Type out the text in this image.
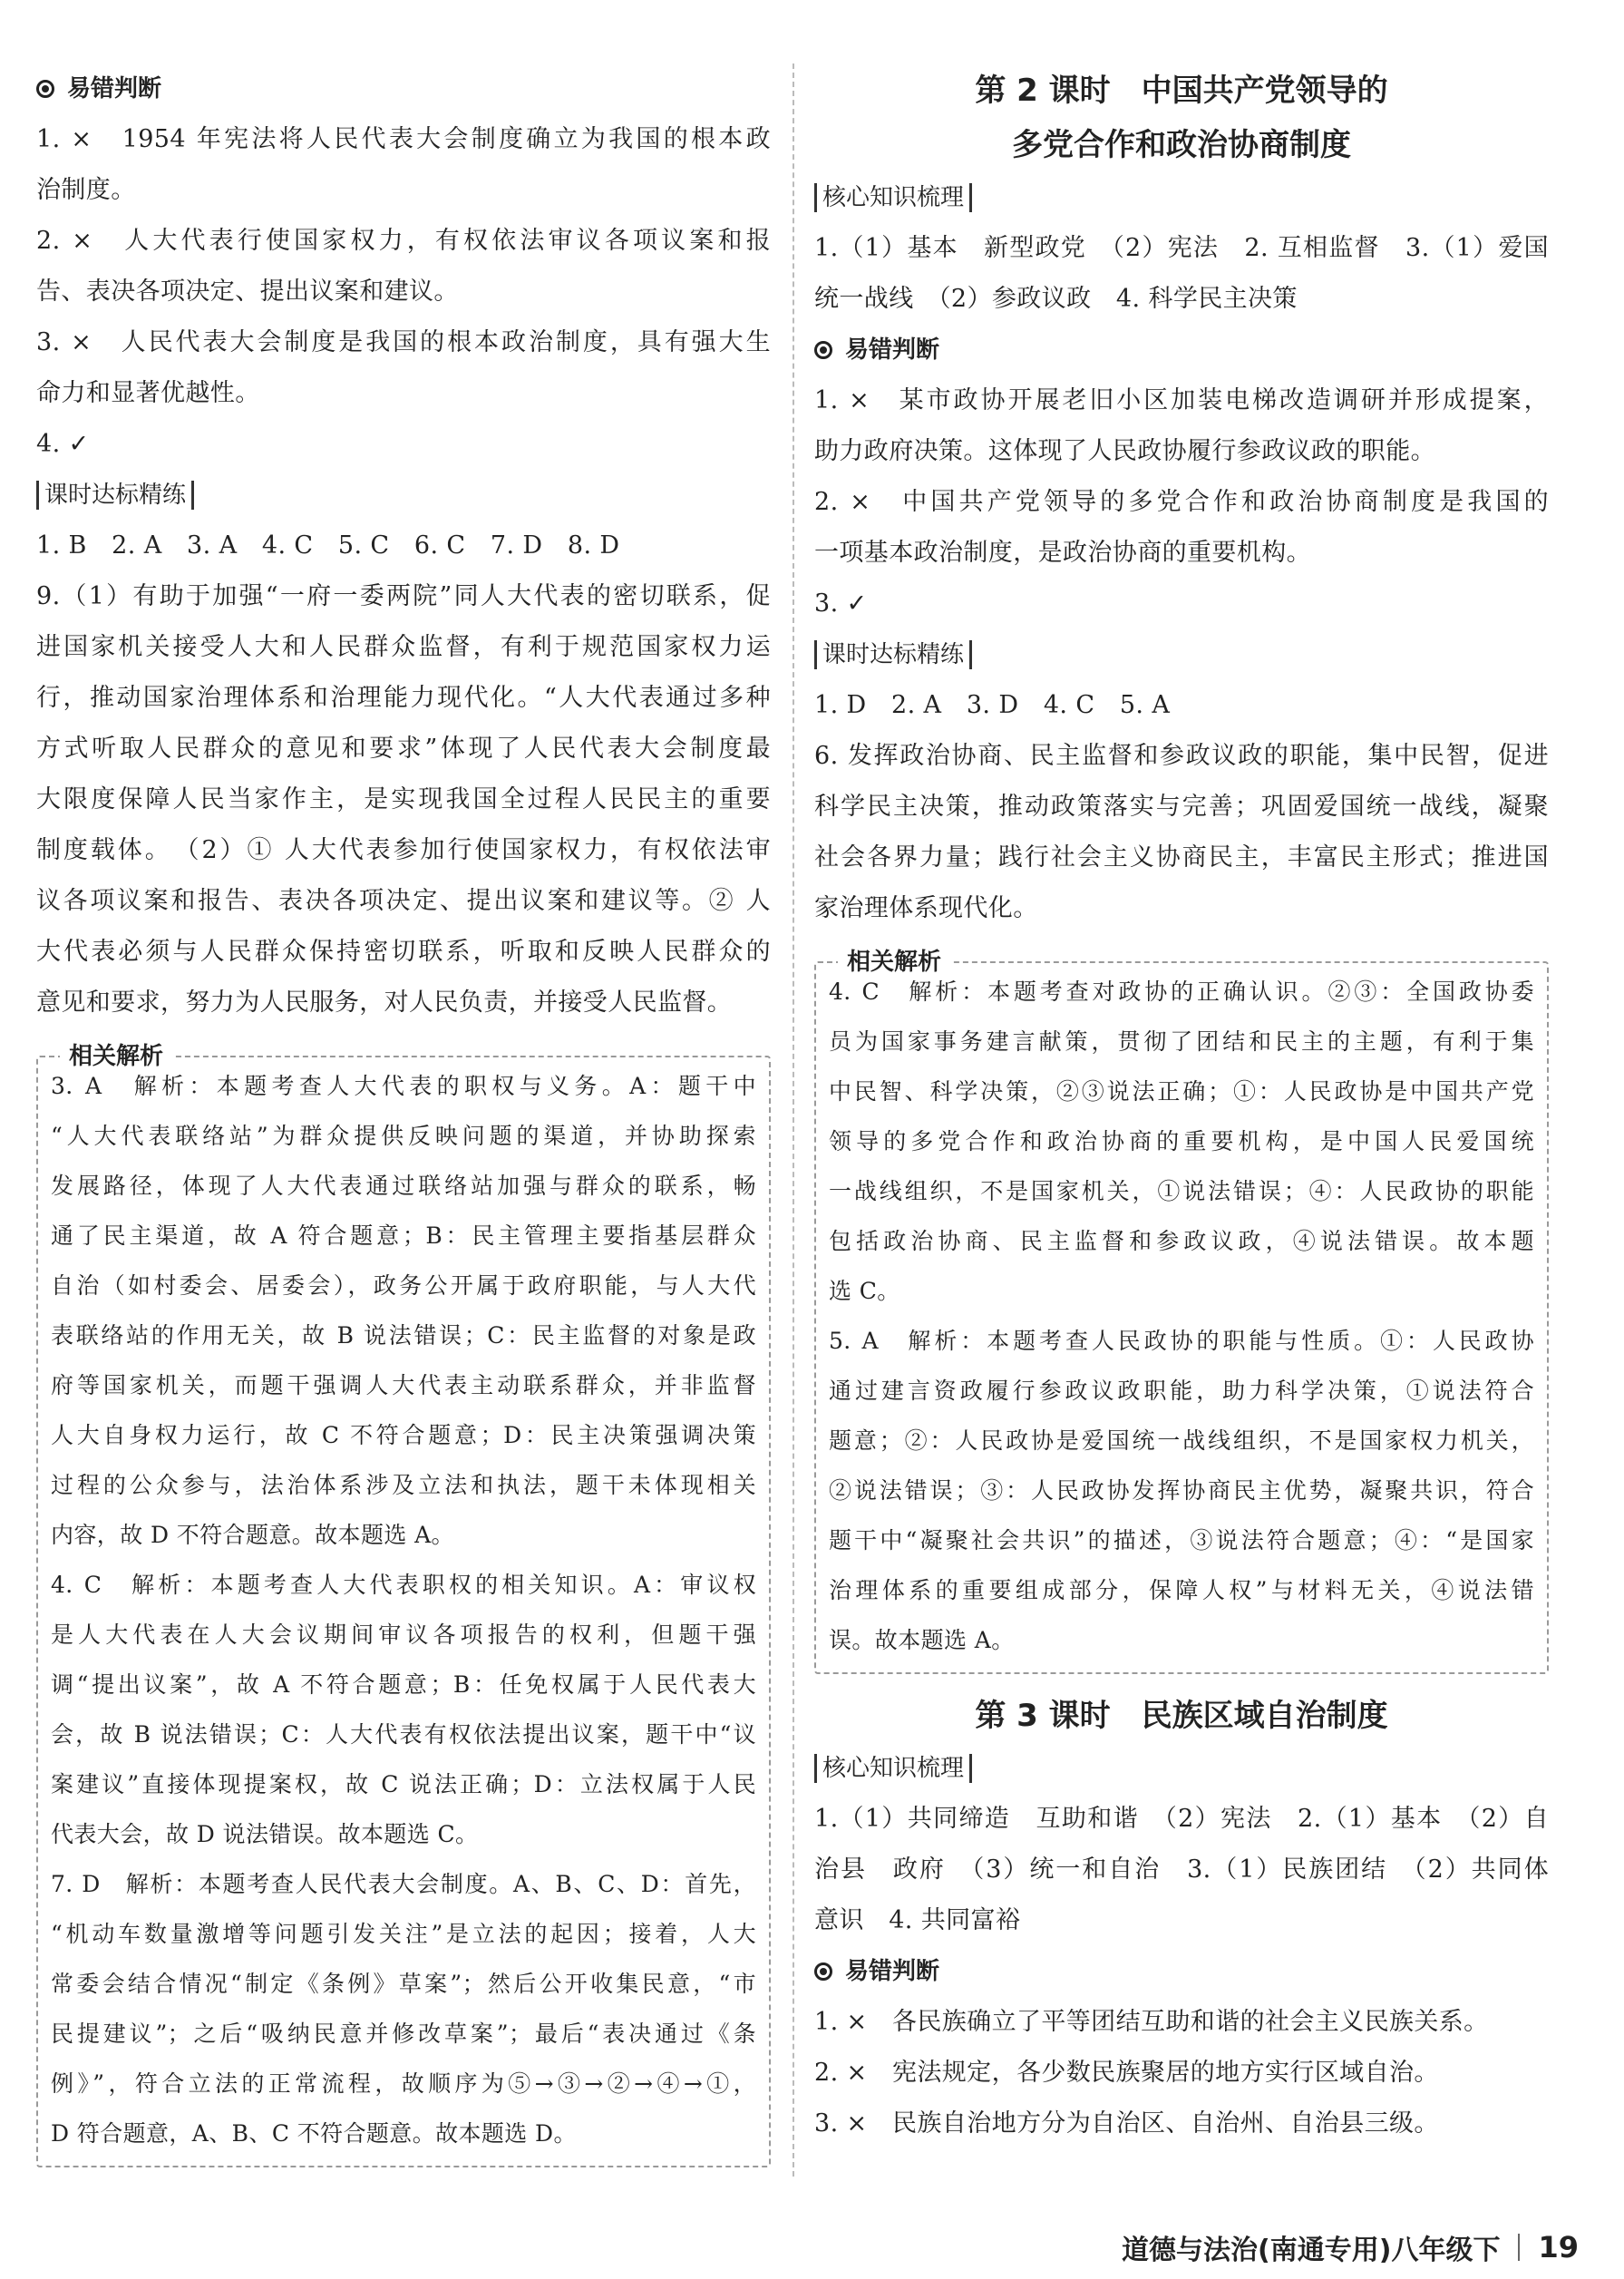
易错判断

1. ×　1954 年宪法将人民代表大会制度确立为我国的根本政

治制度。

2. ×　人大代表行使国家权力，有权依法审议各项议案和报

告、表决各项决定、提出议案和建议。

3. ×　人民代表大会制度是我国的根本政治制度，具有强大生

命力和显著优越性。

4. ✓

课时达标精练

1. B　2. A　3. A　4. C　5. C　6. C　7. D　8. D

9.（1）有助于加强“一府一委两院”同人大代表的密切联系，促

进国家机关接受人大和人民群众监督，有利于规范国家权力运

行，推动国家治理体系和治理能力现代化。“人大代表通过多种

方式听取人民群众的意见和要求”体现了人民代表大会制度最

大限度保障人民当家作主，是实现我国全过程人民民主的重要

制度载体。　（2）① 人大代表参加行使国家权力，有权依法审

议各项议案和报告、表决各项决定、提出议案和建议等。② 人

大代表必须与人民群众保持密切联系，听取和反映人民群众的

意见和要求，努力为人民服务，对人民负责，并接受人民监督。

相关解析

3. A　解析：本题考查人大代表的职权与义务。A：题干中

“人大代表联络站”为群众提供反映问题的渠道，并协助探索

发展路径，体现了人大代表通过联络站加强与群众的联系，畅

通了民主渠道，故 A 符合题意；B：民主管理主要指基层群众

自治（如村委会、居委会），政务公开属于政府职能，与人大代

表联络站的作用无关，故 B 说法错误；C：民主监督的对象是政

府等国家机关，而题干强调人大代表主动联系群众，并非监督

人大自身权力运行，故 C 不符合题意；D：民主决策强调决策

过程的公众参与，法治体系涉及立法和执法，题干未体现相关

内容，故 D 不符合题意。故本题选 A。

4. C　解析：本题考查人大代表职权的相关知识。A：审议权

是人大代表在人大会议期间审议各项报告的权利，但题干强

调“提出议案”，故 A 不符合题意；B：任免权属于人民代表大

会，故 B 说法错误；C：人大代表有权依法提出议案，题干中“议

案建议”直接体现提案权，故 C 说法正确；D：立法权属于人民

代表大会，故 D 说法错误。故本题选 C。

7. D　解析：本题考查人民代表大会制度。A、B、C、D：首先，

“机动车数量激增等问题引发关注”是立法的起因；接着，人大

常委会结合情况“制定《条例》草案”；然后公开收集民意，“市

民提建议”；之后“吸纳民意并修改草案”；最后“表决通过《条

例》”，符合立法的正常流程，故顺序为⑤→③→②→④→①，

D 符合题意，A、B、C 不符合题意。故本题选 D。

第 2 课时　中国共产党领导的
多党合作和政治协商制度
核心知识梳理

1.（1）基本　新型政党　（2）宪法　2. 互相监督　3.（1）爱国

统一战线　（2）参政议政　4. 科学民主决策

易错判断

1. ×　某市政协开展老旧小区加装电梯改造调研并形成提案，

助力政府决策。这体现了人民政协履行参政议政的职能。

2. ×　中国共产党领导的多党合作和政治协商制度是我国的

一项基本政治制度，是政治协商的重要机构。

3. ✓

课时达标精练

1. D　2. A　3. D　4. C　5. A

6. 发挥政治协商、民主监督和参政议政的职能，集中民智，促进

科学民主决策，推动政策落实与完善；巩固爱国统一战线，凝聚

社会各界力量；践行社会主义协商民主，丰富民主形式；推进国

家治理体系现代化。

相关解析

4. C　解析：本题考查对政协的正确认识。②③：全国政协委

员为国家事务建言献策，贯彻了团结和民主的主题，有利于集

中民智、科学决策，②③说法正确；①：人民政协是中国共产党

领导的多党合作和政治协商的重要机构，是中国人民爱国统

一战线组织，不是国家机关，①说法错误；④：人民政协的职能

包括政治协商、民主监督和参政议政，④说法错误。故本题

选 C。

5. A　解析：本题考查人民政协的职能与性质。①：人民政协

通过建言资政履行参政议政职能，助力科学决策，①说法符合

题意；②：人民政协是爱国统一战线组织，不是国家权力机关，

②说法错误；③：人民政协发挥协商民主优势，凝聚共识，符合

题干中“凝聚社会共识”的描述，③说法符合题意；④：“是国家

治理体系的重要组成部分，保障人权”与材料无关，④说法错

误。故本题选 A。

第 3 课时　民族区域自治制度
核心知识梳理

1.（1）共同缔造　互助和谐　（2）宪法　2.（1）基本　（2）自

治县　政府　（3）统一和自治　3.（1）民族团结　（2）共同体

意识　4. 共同富裕

易错判断

1. ×　各民族确立了平等团结互助和谐的社会主义民族关系。

2. ×　宪法规定，各少数民族聚居的地方实行区域自治。

3. ×　民族自治地方分为自治区、自治州、自治县三级。

道德与法治(南通专用)八年级下 19
